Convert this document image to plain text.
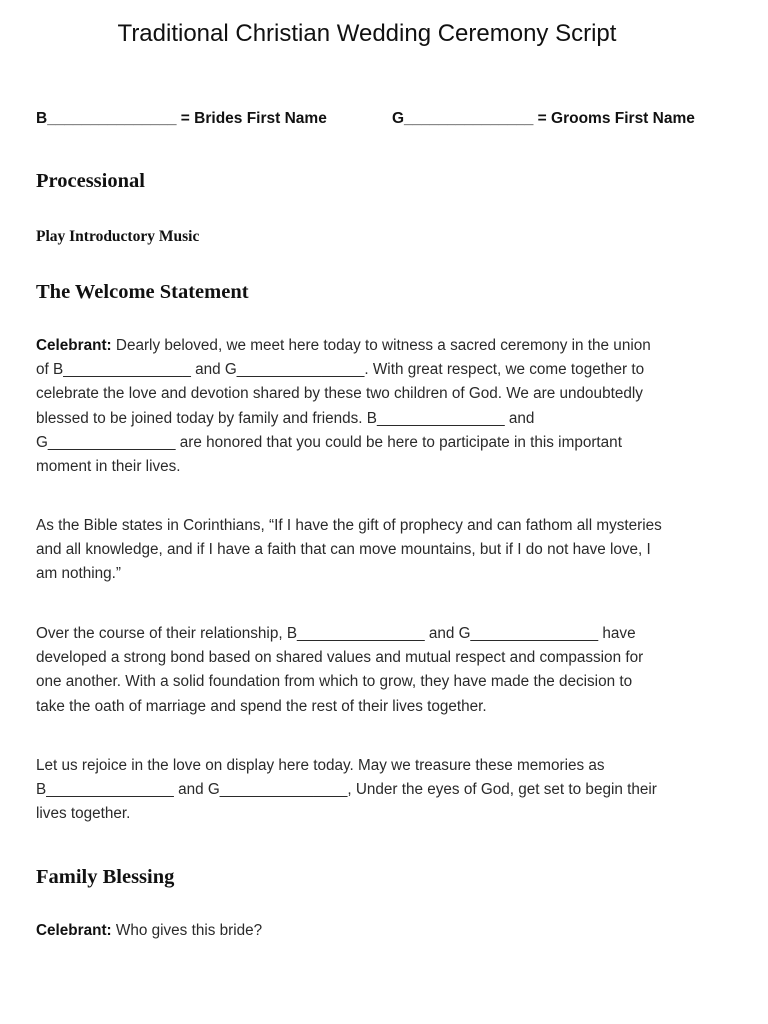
Traditional Christian Wedding Ceremony Script
B_______________ = Brides First Name	G_______________ = Grooms First Name
Processional

Play Introductory Music

The Welcome Statement
Celebrant: Dearly beloved, we meet here today to witness a sacred ceremony in the union
of B_______________ and G_______________. With great respect, we come together to
celebrate the love and devotion shared by these two children of God. We are undoubtedly
blessed to be joined today by family and friends. B_______________ and
G_______________ are honored that you could be here to participate in this important
moment in their lives.
As the Bible states in Corinthians, “If I have the gift of prophecy and can fathom all mysteries
and all knowledge, and if I have a faith that can move mountains, but if I do not have love, I
am nothing.”
Over the course of their relationship, B_______________ and G_______________ have
developed a strong bond based on shared values and mutual respect and compassion for
one another. With a solid foundation from which to grow, they have made the decision to
take the oath of marriage and spend the rest of their lives together.
Let us rejoice in the love on display here today. May we treasure these memories as
B_______________ and G_______________, Under the eyes of God, get set to begin their
lives together.
Family Blessing
Celebrant: Who gives this bride?
